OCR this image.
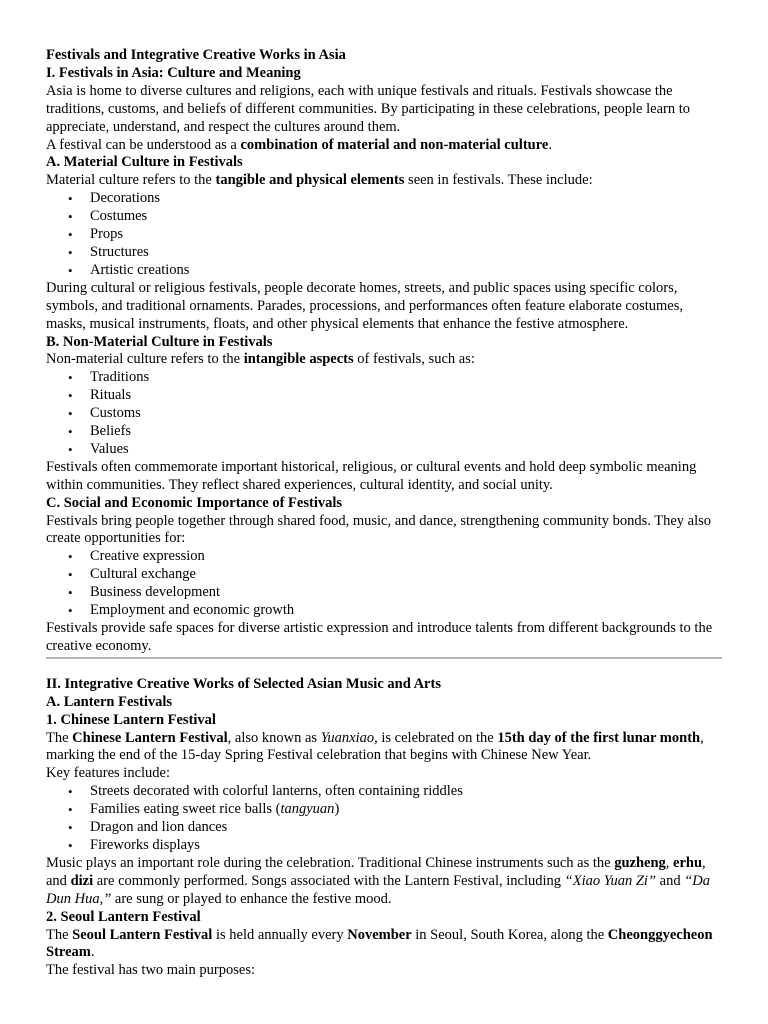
Festivals and Integrative Creative Works in Asia

I. Festivals in Asia: Culture and Meaning

Asia is home to diverse cultures and religions, each with unique festivals and rituals. Festivals showcase the traditions, customs, and beliefs of different communities. By participating in these celebrations, people learn to appreciate, understand, and respect the cultures around them.

A festival can be understood as a combination of material and non-material culture.

A. Material Culture in Festivals

Material culture refers to the tangible and physical elements seen in festivals. These include:

• Decorations
• Costumes
• Props
• Structures
• Artistic creations

During cultural or religious festivals, people decorate homes, streets, and public spaces using specific colors, symbols, and traditional ornaments. Parades, processions, and performances often feature elaborate costumes, masks, musical instruments, floats, and other physical elements that enhance the festive atmosphere.

B. Non-Material Culture in Festivals

Non-material culture refers to the intangible aspects of festivals, such as:

• Traditions
• Rituals
• Customs
• Beliefs
• Values

Festivals often commemorate important historical, religious, or cultural events and hold deep symbolic meaning within communities. They reflect shared experiences, cultural identity, and social unity.

C. Social and Economic Importance of Festivals

Festivals bring people together through shared food, music, and dance, strengthening community bonds. They also create opportunities for:

• Creative expression
• Cultural exchange
• Business development
• Employment and economic growth

Festivals provide safe spaces for diverse artistic expression and introduce talents from different backgrounds to the creative economy.

II. Integrative Creative Works of Selected Asian Music and Arts

A. Lantern Festivals

1. Chinese Lantern Festival

The Chinese Lantern Festival, also known as Yuanxiao, is celebrated on the 15th day of the first lunar month, marking the end of the 15-day Spring Festival celebration that begins with Chinese New Year.

Key features include:

• Streets decorated with colorful lanterns, often containing riddles
• Families eating sweet rice balls (tangyuan)
• Dragon and lion dances
• Fireworks displays

Music plays an important role during the celebration. Traditional Chinese instruments such as the guzheng, erhu, and dizi are commonly performed. Songs associated with the Lantern Festival, including “Xiao Yuan Zi” and “Da Dun Hua,” are sung or played to enhance the festive mood.

2. Seoul Lantern Festival

The Seoul Lantern Festival is held annually every November in Seoul, South Korea, along the Cheonggyecheon Stream.

The festival has two main purposes:
